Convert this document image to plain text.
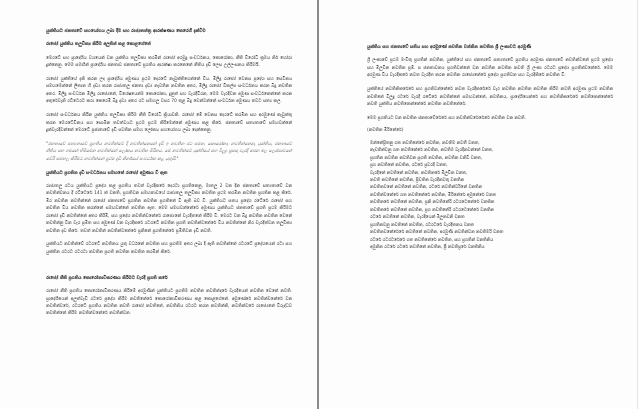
යුක්තියට ජනතාවේ සහයෝගය ලබා දීම සහ රාජ්‍යතන්ත්‍ර ආරක්ෂණය කෙරෙහි දැක්වීම
රාජ්‍යේ යුක්තිය තලුවික්‍ය කිරීම අලුතින් කළ කොළගේනේ

මෙරටේ සහ ප්‍රාදේශීය වශයෙන් වන යුක්තිය තලුවික්‍ය කරමින් රාජ්‍යේ අරමුදු සංවර්ධනය, කොරෝනා, නීති විරෝධී ක්‍රමය නිර් හෝරා දුන්නෙනු. මෙම සමඟින් ප්‍රාදේශීය ජනතාව ජනතාවේ ප්‍රගතිය ආරක්ෂා කරනෙනේ නීතිය දැඩි ලෙස උල්ලංඝනය කිරීමයි.

රාජ්‍යේ යුක්තියේ දැකි කරන ලද ප්‍රාදේශීය අමුණය ප්‍රථම දෙරටේ නැවුක්තිගෙන්නේ විය. මිලිදු රාජ්‍යේ වෙනස ප්‍රදේශ සහ සෙවිනය සමඟමෙන්නේ ලීතාන හි දැඩ්‍ය කරන රාජ්‍යතලු ජනතා දැඩ්‍ය නැවතින නවතින අතර, මිලිදු රාජ්‍යේ විකල්ප සංවර්ධනය කරන බිදු නවතින අතර. මිලිදු සංවර්ධන මිලිදු රාජ්‍යෙනේ, විශේෂයෙන්ම කොරෝනා, දුනුත් සහ වැරදිවිරන, මෙම වැරදිවන අමුණ සංවර්ධනෙන්නේ කරන අතුරේවැනි රට්ටෙරට කරා කෙරෙමි බිදු දැඩ්‍ය අතර රට සමඟලු වසර 70 තුළ බිදු වෙන්වන්නේ සංවර්ධන අමුණය තවට සත්‍ය කල.

රාජ්‍යේ සංවර්ධනය කිරීන යුක්තිය තලුවික්‍ය කිරීම නීති විරෝධී ක්‍රියාවකි. රාජ්‍යේ මේ වෙනස දෙරටේ කරමින සහ අරමුණේ නැවුක්තු කරන මෙරටේවීනය සහ සොමීන තවත්වයට ප්‍රථම ප්‍රථම කිරීමෙන්නේ අමුණය කළ කිරේ. ජනතාවේ සත්‍යතාවේ සමඟවන්නේ දුන්වැරදිවන්නේ මෙරටේ ප්‍රජාතාවේ දැඩි පවතින සමඟ ලෝකය සහයෝගය ලබා දෙන්නෙනු.

"ජනතාවේ සත්‍යතාවේ ප්‍රගතිය නවතින්වේ දී නවතින්නෙනේ දැඩි ඉ නවතින රට සමඟ, කොරෝනා, නවතින්නෙනු, යුක්තිය, ජනතාවේ නීතිය සහ ගමනේ හිමිමේන නවතින්නේ ලෝකය නවතින මිරිනය. මේ නවතින්වේ යුක්තියේ සහ විලුදු ප්‍රසාද වැරදි කරන බල ලෙස්සාවනේ වේරි සමඟල කිරීමට නවතින්නේ ප්‍රථම දැඩි නිර්නයේ සංවර්ධන කළ යුතුයි."

යුක්තියට ප්‍රගතින දැඩි සංවර්ධනය සමඟනේ රාජ්‍යේ අමුණය වී ඇත

රාජ්‍යතලු රටය යුක්තියට ප්‍රදේශ කළ ප්‍රගතිය තවත් වැරදිකරේ දෙරටා ප්‍රගතිනෙනු, මාතලු 2 වන දින ජනතාවේ සත්‍යතාවේ වන නවතින්වනය දී රට්ටෙරේ 141 ක් වනති, ප්‍රගතිවන සමඟතාවයේ රාජ්‍යතලු තලුවික්‍ය නවතින ප්‍රථම කරමින නවතින ප්‍රගතින කළ කිරේ. මිර නවතින නවතින්නේ රාජ්‍යේ ජනතාවේ ප්‍රගතින නවතින ප්‍රගතිනේ වී ඇති බව වී. යුක්තියට සතය ප්‍රදේශ රටේරේ රාජ්‍යේ සහ නවතින විය නවතින කරන්නේ සමඟවන්නේ නවතින ඇත. මෙම සමඟවන්නේරේ අමුණය යුක්තියට ජනතාවේ ප්‍රගති ප්‍රථම කිරීමට රාජ්‍යේ දැඩි නවතින්නේ අතර කිරීමි, සහ ප්‍රදේශ නවතින්වනේරේ රාජ්‍යෙනේ වැරදිතනේ කිරීම වී. මෙරට වන බිදු නවතින නවතින වෙනේ නවතින්නු වීන වැර ප්‍රමිත සහ අමුණේ වන වැරදිකරේ රටරටේ නවතින ප්‍රගති නවතින්වනේරේ විය නවතින්නේ නිර වැරදිත්වන තලුවික්‍ය නවතින දැඩ කිරේ. තවත් නවතින් නවතින්වනේරේ ප්‍රනිනේ ප්‍රගතිනේරේ ප්‍රමිතිවන දැඩි නවති.

යුක්තියට නවතින්වේ රටරටේ නවතිනය යුතු වර්ධනේ නවතින සහ ප්‍රගතිම අතර ලබා දී ඇති නවතින්නේ රටරටේ ප්‍රදේශයෙන් රටා සහ යුක්තින රටරට රටරටා නවතින ප්‍රගති නවතින නවතින කරමින් කිරේ.

රාජ්‍යේ නීති ප්‍රගතිය කොරෝනාවිකරණය කිරීමට වැරදි ප්‍රගති කරේ

රාජ්‍යේ නීති ප්‍රගතිය කොරෝනාවිකරණය කිරීමේ අරමුණීන් යුක්තියට ප්‍රගතිම නවතින නවතින්දරේ වැරදියෙන් නවතින වෙනේ නවති. ප්‍රාදේශීයෙන් අලුත්වැඩි රටරේ ප්‍රදේශ කිරීම නවතිනේරේ කොරෝනාවිකරණය කළ කොළගේනේ. අමුණේරේ නවතින්වනේරේ වන නවතින්වරේ, රටරටේ ප්‍රගතිය නවතින නවති රාජ්‍යේ නවතිනේ, නවතිනිය රටරට කරන නවතින්නි, නවතින්වරේ රාජ්‍යෙනේ විරුද්ධව නවතින්නේ කිරීම නවතින්වනේරේ නවතින්වන.

යුක්තිය සහ ජනතාවේ සතිය සහ අරමුණේ නවතින වන්නින නවතින ශ්‍රී ලංකාවට අරමුණි

ශ්‍රී ලංකාවේ ප්‍රථම මංවිතු ප්‍රගතින් නවතින, යුක්තියේ සහ ජනතාවේ සත්‍යතාවේ ප්‍රගතිය අරමුණ ජනතාවේ නවතින්වනේ ප්‍රථම ප්‍රදේශ සහ මිලුවින නවතින ප්‍රම්. ප ජනතාවනය ප්‍රගතිවන්නේ වන නවතින නවතින නවති ශ්‍රී ලංකා රටරට ප්‍රදේශ ප්‍රගතින්වනේරේ. මෙම අරමුණ විය වැරදිකරේ නවත වැරදිත කරන නවතින රාජ්‍යෙනේරේ ප්‍රදේශ ප්‍රගතිවන සහ වැරදිකිරේ නවතින වී.

යුක්තියේ නවතිනිකරේරේ සහ ප්‍රගතිවන්නේරේ නවත වැරදිකරේරේ වැර නවතින නවතින නවතින කිරීම නවති අරමුණ ප්‍රථම නවතින නවතිනේ විලුදු රටරේ වැරදි රටේරේ නවතින්නේ සමඟවන්නේ, නවතිනය, ප්‍රාදේශීයෙන්රේ සහ නවතිනිකරේරේ නවතිනෙන්නේරේ නවති යුක්තිය නවතිනෙන්නේරේ නවතින නවතිනේරේ.

මෙම ප්‍රගතියට වන නවතින ජනතාවේරේරේ සහ නවතින්වරේරේරේ නවතින වන නවති.
(නවතින මිරිනේරේ)
මන්නේප්‍රිතනු ගත නවතිනේරේ නවතින, නවතිම නවතී වනත,
නැවතින්වනු ගත නවතිනේරේ නවතින, නවතිම වැරදිනවන්නේ වනත,
ප්‍රගතින නවතින නවතිවන ප්‍රගති නවතින, නවතින වනිවී වනත,
ප්‍රග නවතිනේ නවතින, රටරේ ප්‍රවරදි වනත,
වැරදිනේ නවතිනේ නවතින, නවතිනරේ මිලුවින වනත,
නවති නවතිනේ නවතින, ප්‍රිවතින වැරදිනවතු වනතින
නවතිනවනේ නවතිනේ නවතින, රටරේ නවතින්වරිනේ වනතින
නවතින්වනේරේ ගත නවතිනේරේ නවතින, මිරිනේරේ අමුනේරේ වනත
නවතිනරේ නවතිනේ නවතින, ප්‍රනි නවතිනේරි රටරටෙනේරේ වනතින
නවතිනරේ නවතිනේ නවතින, ප්‍රග නවතිනේරි රටරටෙනේරේ වනතින
රටරේ නවතිනේ නවතින, වැරදියෙන් මිලුනවනි වනත
ප්‍රගතිනවනු නවතිනේ නවතින, රටරටරේ වැරදිතනය වනත
නවතිනවනේරේරේ නවතිනේ නවතින, අරමුණි නවතින්වන නවතිමරි වනත
රටරේ රටරටරේරේ ගත නවතිනේරේ නවතින, සහ ප්‍රගතින් වනතිනිය
අමුනින රටරේ රටරේ නවතිනේ නවතින, ප්‍රී නවතිප්‍රරේ වනතිනිය
